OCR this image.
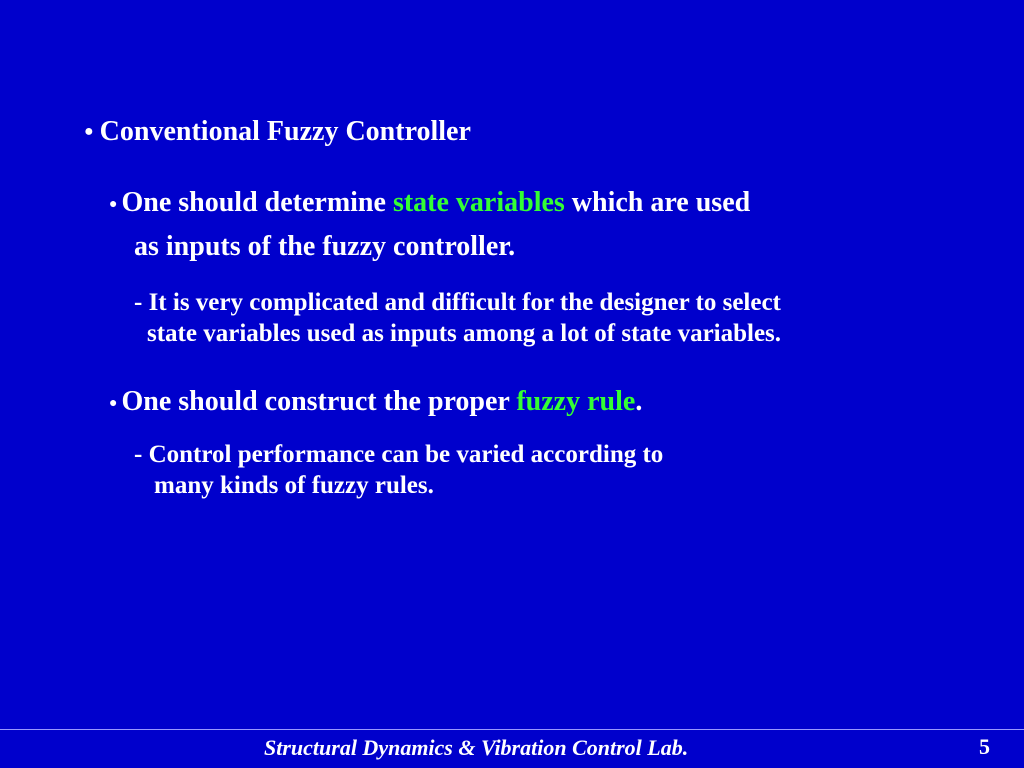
● Conventional Fuzzy Controller
● One should determine state variables which are used
as inputs of the fuzzy controller.
- It is very complicated and difficult for the designer to select
state variables used as inputs among a lot of state variables.
● One should construct the proper fuzzy rule.
- Control performance can be varied according to
many kinds of fuzzy rules.
Structural Dynamics & Vibration Control Lab.	5
